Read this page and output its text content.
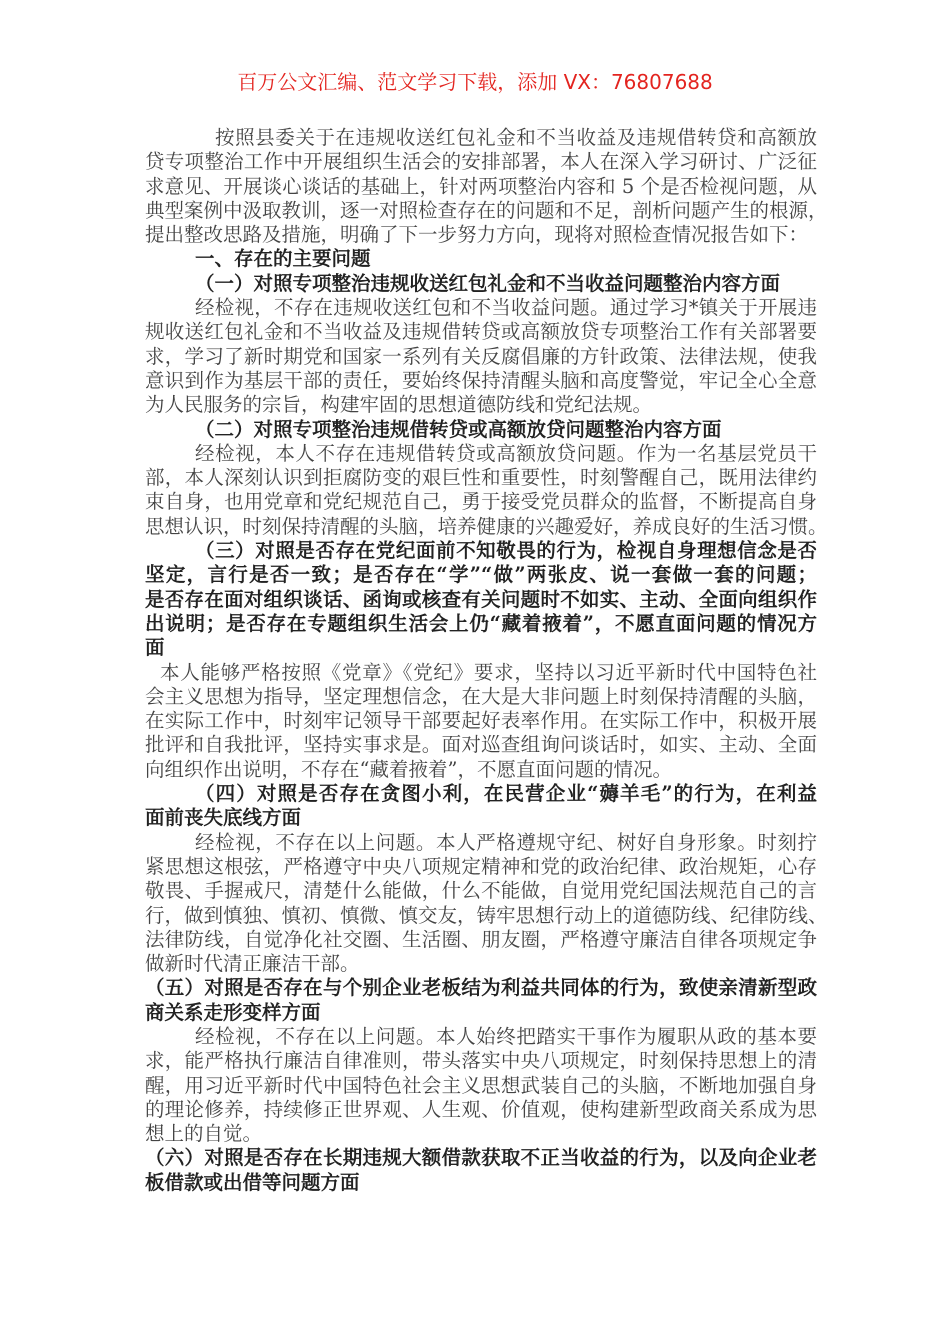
百万公文汇编、范文学习下载，添加 VX：76807688
按照县委关于在违规收送红包礼金和不当收益及违规借转贷和高额放
贷专项整治工作中开展组织生活会的安排部署，本人在深入学习研讨、广泛征
求意见、开展谈心谈话的基础上，针对两项整治内容和 5 个是否检视问题，从
典型案例中汲取教训，逐一对照检查存在的问题和不足，剖析问题产生的根源，
提出整改思路及措施，明确了下一步努力方向，现将对照检查情况报告如下：
一、存在的主要问题
（一）对照专项整治违规收送红包礼金和不当收益问题整治内容方面
经检视，不存在违规收送红包和不当收益问题。通过学习*镇关于开展违
规收送红包礼金和不当收益及违规借转贷或高额放贷专项整治工作有关部署要
求，学习了新时期党和国家一系列有关反腐倡廉的方针政策、法律法规，使我
意识到作为基层干部的责任，要始终保持清醒头脑和高度警觉，牢记全心全意
为人民服务的宗旨，构建牢固的思想道德防线和党纪法规。
（二）对照专项整治违规借转贷或高额放贷问题整治内容方面
经检视，本人不存在违规借转贷或高额放贷问题。作为一名基层党员干
部，本人深刻认识到拒腐防变的艰巨性和重要性，时刻警醒自己，既用法律约
束自身，也用党章和党纪规范自己，勇于接受党员群众的监督，不断提高自身
思想认识，时刻保持清醒的头脑，培养健康的兴趣爱好，养成良好的生活习惯。
（三）对照是否存在党纪面前不知敬畏的行为，检视自身理想信念是否
坚定，言行是否一致；是否存在“学”“做”两张皮、说一套做一套的问题；
是否存在面对组织谈话、函询或核查有关问题时不如实、主动、全面向组织作
出说明；是否存在专题组织生活会上仍“藏着掖着”，不愿直面问题的情况方
面
本人能够严格按照《党章》《党纪》要求，坚持以习近平新时代中国特色社
会主义思想为指导，坚定理想信念，在大是大非问题上时刻保持清醒的头脑，
在实际工作中，时刻牢记领导干部要起好表率作用。在实际工作中，积极开展
批评和自我批评，坚持实事求是。面对巡查组询问谈话时，如实、主动、全面
向组织作出说明，不存在“藏着掖着”，不愿直面问题的情况。
（四）对照是否存在贪图小利，在民营企业“薅羊毛”的行为，在利益
面前丧失底线方面
经检视，不存在以上问题。本人严格遵规守纪、树好自身形象。时刻拧
紧思想这根弦，严格遵守中央八项规定精神和党的政治纪律、政治规矩，心存
敬畏、手握戒尺，清楚什么能做，什么不能做，自觉用党纪国法规范自己的言
行，做到慎独、慎初、慎微、慎交友，铸牢思想行动上的道德防线、纪律防线、
法律防线，自觉净化社交圈、生活圈、朋友圈，严格遵守廉洁自律各项规定争
做新时代清正廉洁干部。
（五）对照是否存在与个别企业老板结为利益共同体的行为，致使亲清新型政
商关系走形变样方面
经检视，不存在以上问题。本人始终把踏实干事作为履职从政的基本要
求，能严格执行廉洁自律准则，带头落实中央八项规定，时刻保持思想上的清
醒，用习近平新时代中国特色社会主义思想武装自己的头脑，不断地加强自身
的理论修养，持续修正世界观、人生观、价值观，使构建新型政商关系成为思
想上的自觉。
（六）对照是否存在长期违规大额借款获取不正当收益的行为，以及向企业老
板借款或出借等问题方面
